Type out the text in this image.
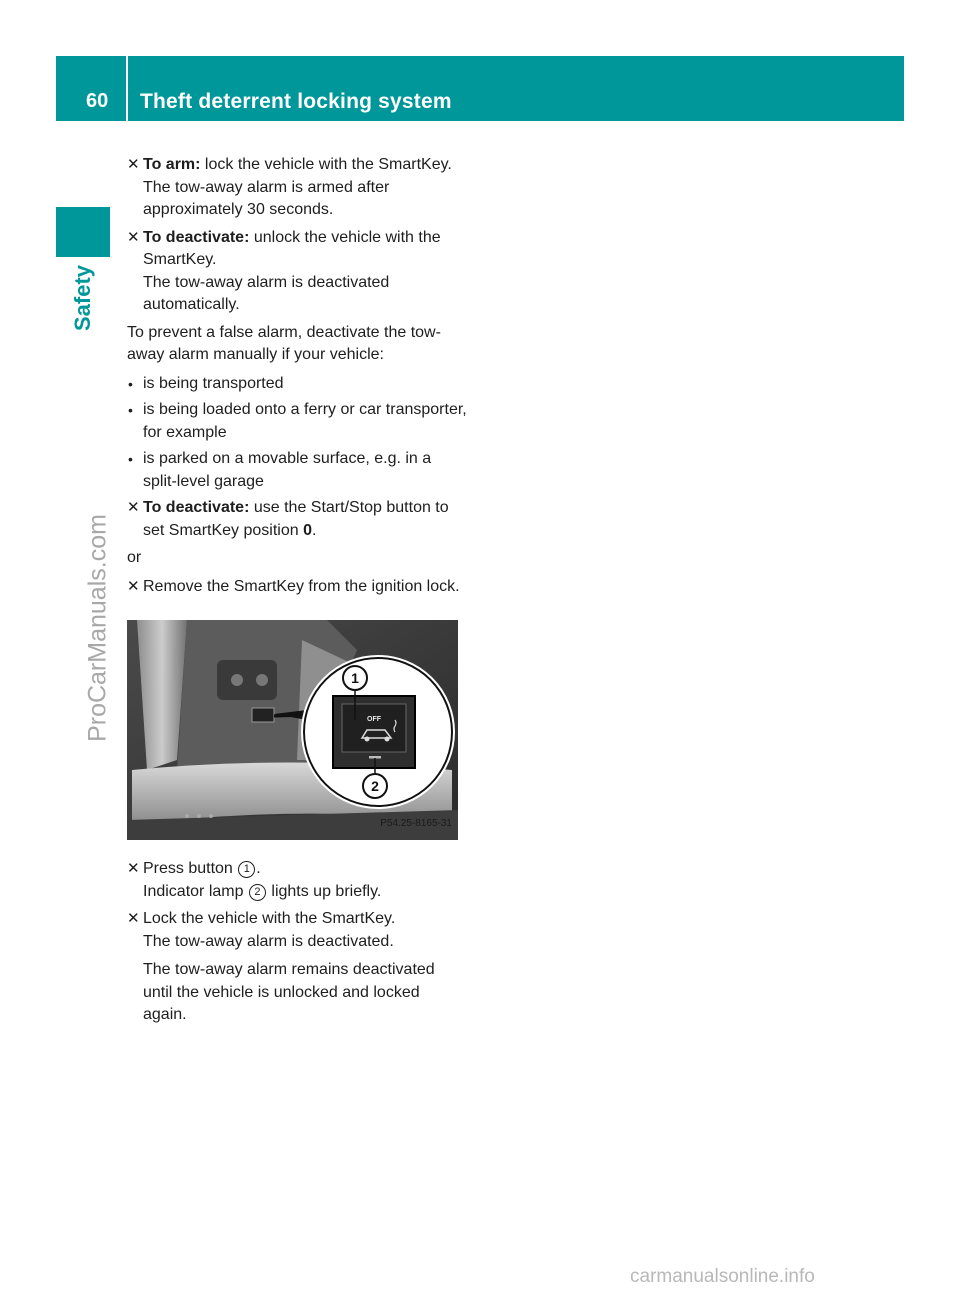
60 Theft deterrent locking system
Safety
ProCarManuals.com
✕ To arm: lock the vehicle with the SmartKey.
The tow-away alarm is armed after approximately 30 seconds.
✕ To deactivate: unlock the vehicle with the SmartKey.
The tow-away alarm is deactivated automatically.
To prevent a false alarm, deactivate the tow-away alarm manually if your vehicle:
• is being transported
• is being loaded onto a ferry or car transporter, for example
• is parked on a movable surface, e.g. in a split-level garage
✕ To deactivate: use the Start/Stop button to set SmartKey position 0.
or
✕ Remove the SmartKey from the ignition lock.
OFF
1
2
P54.25-8165-31
✕ Press button 1 .
Indicator lamp 2 lights up briefly.
✕ Lock the vehicle with the SmartKey.
The tow-away alarm is deactivated.
The tow-away alarm remains deactivated until the vehicle is unlocked and locked again.
carmanualsonline.info
